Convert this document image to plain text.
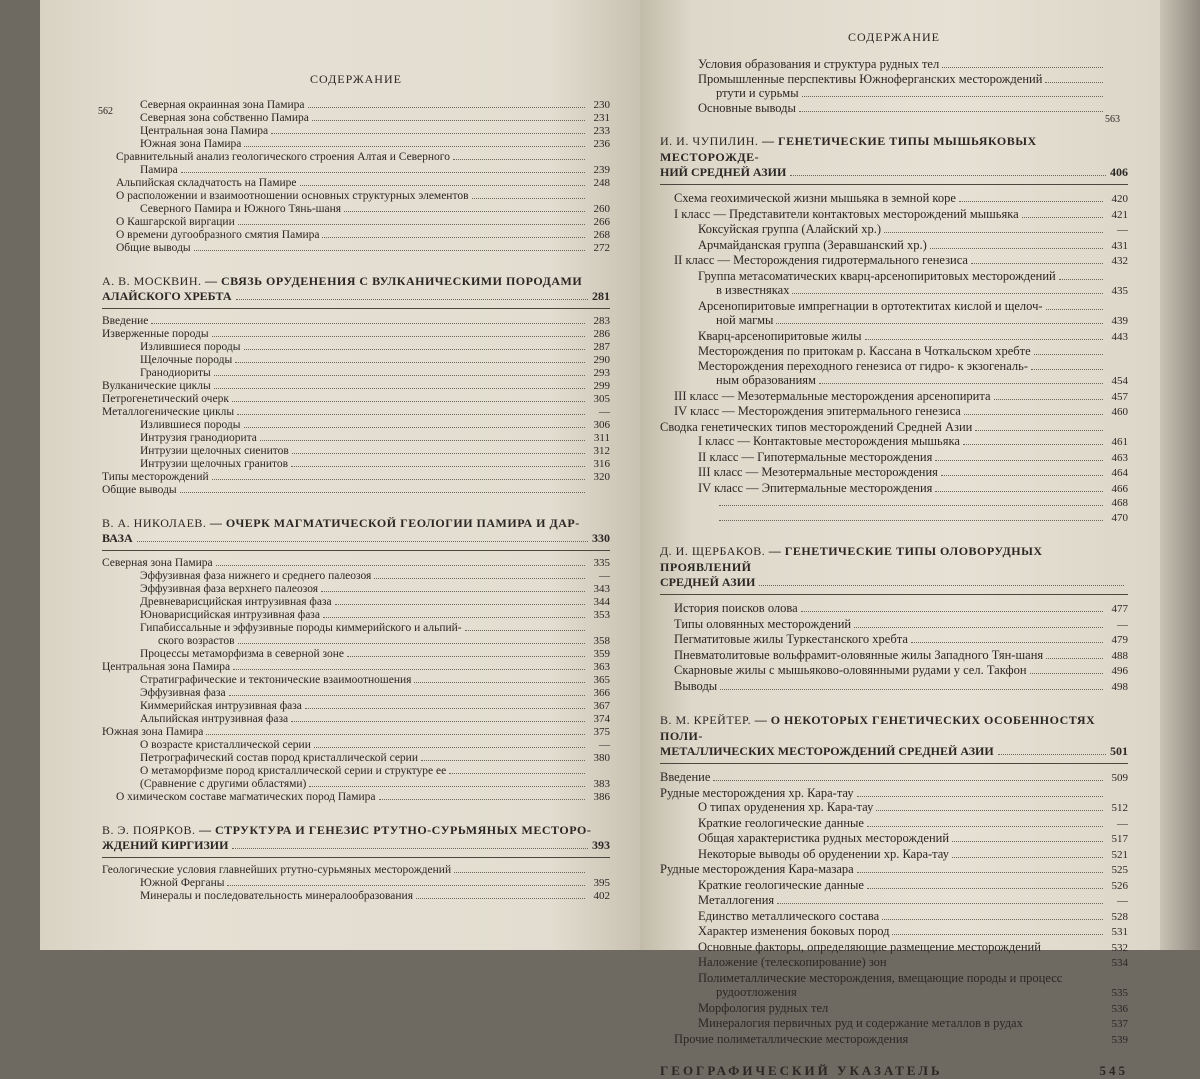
СОДЕРЖАНИЕ
562
Северная окраинная зона Памира	230
Северная зона собственно Памира	231
Центральная зона Памира	233
Южная зона Памира	236
Сравнительный анализ геологического строения Алтая и Северного
Памира	239
Альпийская складчатость на Памире	248
О расположении и взаимоотношении основных структурных элементов
Северного Памира и Южного Тянь-шаня	260
О Кашгарской виргации	266
О времени дугообразного смятия Памира	268
Общие выводы	272
А. В. МОСКВИН. — СВЯЗЬ ОРУДЕНЕНИЯ С ВУЛКАНИЧЕСКИМИ ПОРОДАМИ
АЛАЙСКОГО ХРЕБТА	281
Введение	283
Изверженные породы	286
Излившиеся породы	287
Щелочные породы	290
Гранодиориты	293
Вулканические циклы	299
Петрогенетический очерк	305
Металлогенические циклы	—
Излившиеся породы	306
Интрузия гранодиорита	311
Интрузии щелочных сиенитов	312
Интрузии щелочных гранитов	316
Типы месторождений	320
Общие выводы
В. А. НИКОЛАЕВ. — ОЧЕРК МАГМАТИЧЕСКОЙ ГЕОЛОГИИ ПАМИРА И ДАР-
ВАЗА	330
Северная зона Памира	335
Эффузивная фаза нижнего и среднего палеозоя	—
Эффузивная фаза верхнего палеозоя	343
Древневарисцийская интрузивная фаза	344
Юноварисцийская интрузивная фаза	353
Гипабиссальные и эффузивные породы киммерийского и альпий-
ского возрастов	358
Процессы метаморфизма в северной зоне	359
Центральная зона Памира	363
Стратиграфические и тектонические взаимоотношения	365
Эффузивная фаза	366
Киммерийская интрузивная фаза	367
Альпийская интрузивная фаза	374
Южная зона Памира	375
О возрасте кристаллической серии	—
Петрографический состав пород кристаллической серии	380
О метаморфизме пород кристаллической серии и структуре ее
(Сравнение с другими областями)	383
О химическом составе магматических пород Памира	386
В. Э. ПОЯРКОВ. — СТРУКТУРА И ГЕНЕЗИС РТУТНО-СУРЬМЯНЫХ МЕСТОРО-
ЖДЕНИЙ КИРГИЗИИ	393
Геологические условия главнейших ртутно-сурьмяных месторождений
Южной Ферганы	395
Минералы и последовательность минералообразования	402
СОДЕРЖАНИЕ
563
Условия образования и структура рудных тел
Промышленные перспективы Южноферганских месторождений
ртути и сурьмы
Основные выводы
И. И. ЧУПИЛИН. — ГЕНЕТИЧЕСКИЕ ТИПЫ МЫШЬЯКОВЫХ МЕСТОРОЖДЕ-
НИЙ СРЕДНЕЙ АЗИИ	406
Схема геохимической жизни мышьяка в земной коре	420
I класс — Представители контактовых месторождений мышьяка	421
Коксуйская группа (Алайский хр.)	—
Арчмайданская группа (Зеравшанский хр.)	431
II класс — Месторождения гидротермального генезиса	432
Группа метасоматических кварц-арсенопиритовых месторождений
в известняках	435
Арсенопиритовые импрегнации в ортотектитах кислой и щелоч-
ной магмы	439
Кварц-арсенопиритовые жилы	443
Месторождения по притокам р. Кассана в Чоткальском хребте
Месторождения переходного генезиса от гидро- к экзогеналь-
ным образованиям	454
III класс — Мезотермальные месторождения арсенопирита	457
IV класс — Месторождения эпитермального генезиса	460
Сводка генетических типов месторождений Средней Азии
I класс — Контактовые месторождения мышьяка	461
II класс — Гипотермальные месторождения	463
III класс — Мезотермальные месторождения	464
IV класс — Эпитермальные месторождения	466
468
470
Д. И. ЩЕРБАКОВ. — ГЕНЕТИЧЕСКИЕ ТИПЫ ОЛОВОРУДНЫХ ПРОЯВЛЕНИЙ
СРЕДНЕЙ АЗИИ
История поисков олова	477
Типы оловянных месторождений	—
Пегматитовые жилы Туркестанского хребта	479
Пневматолитовые вольфрамит-оловянные жилы Западного Тян-шаня	488
Скарновые жилы с мышьяково-оловянными рудами у сел. Такфон	496
Выводы	498
В. М. КРЕЙТЕР. — О НЕКОТОРЫХ ГЕНЕТИЧЕСКИХ ОСОБЕННОСТЯХ ПОЛИ-
МЕТАЛЛИЧЕСКИХ МЕСТОРОЖДЕНИЙ СРЕДНЕЙ АЗИИ	501
Введение	509
Рудные месторождения хр. Кара-тау
О типах оруденения хр. Кара-тау	512
Краткие геологические данные	—
Общая характеристика рудных месторождений	517
Некоторые выводы об оруденении хр. Кара-тау	521
Рудные месторождения Кара-мазара	525
Краткие геологические данные	526
Металлогения	—
Единство металлического состава	528
Характер изменения боковых пород	531
Основные факторы, определяющие размещение месторождений	532
Наложение (телескопирование) зон	534
Полиметаллические месторождения, вмещающие породы и процесс
рудоотложения	535
Морфология рудных тел	536
Минералогия первичных руд и содержание металлов в рудах	537
Прочие полиметаллические месторождения	539
ГЕОГРАФИЧЕСКИЙ УКАЗАТЕЛЬ	545
